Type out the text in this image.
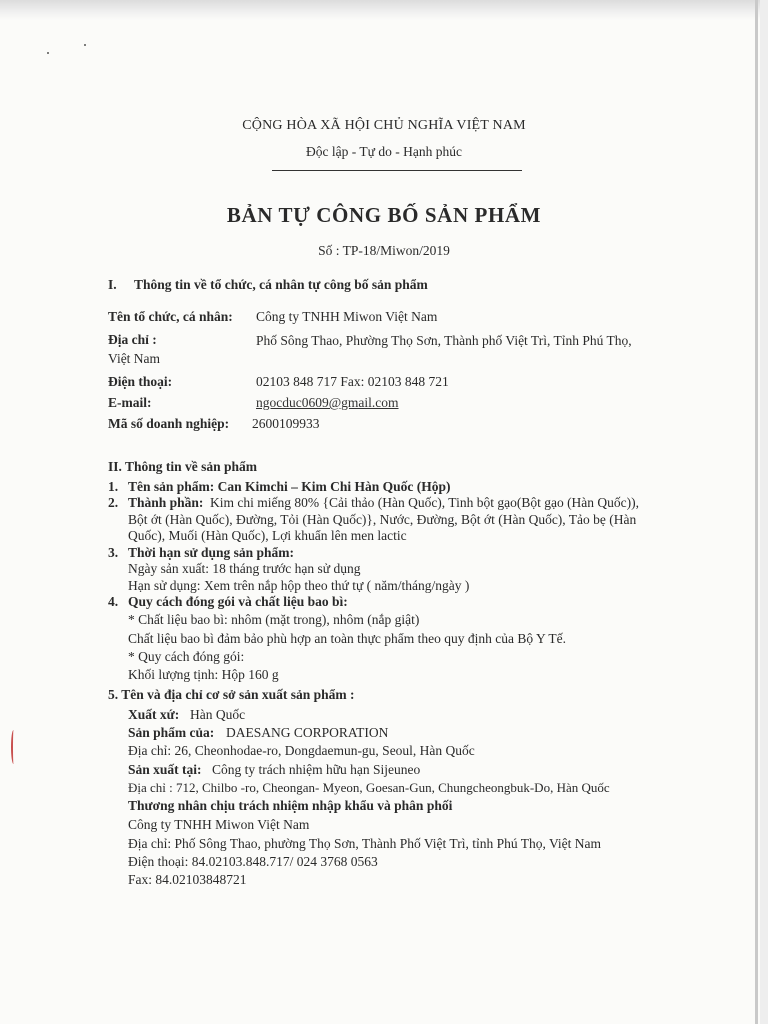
CỘNG HÒA XÃ HỘI CHỦ NGHĨA VIỆT NAM
Độc lập - Tự do - Hạnh phúc
BẢN TỰ CÔNG BỐ SẢN PHẨM
Số : TP-18/Miwon/2019
I. Thông tin về tổ chức, cá nhân tự công bố sản phẩm
Tên tổ chức, cá nhân: Công ty TNHH Miwon Việt Nam
Địa chỉ :	Phố Sông Thao, Phường Thọ Sơn, Thành phố Việt Trì, Tỉnh Phú Thọ,
Việt Nam
Điện thoại:	02103 848 717 Fax: 02103 848 721
E-mail:	ngocduc0609@gmail.com
Mã số doanh nghiệp: 2600109933
II. Thông tin về sản phẩm
1. Tên sản phẩm: Can Kimchi – Kim Chi Hàn Quốc (Hộp)
2. Thành phần: Kim chi miếng 80% {Cải thảo (Hàn Quốc), Tinh bột gạo(Bột gạo (Hàn Quốc)),
Bột ớt (Hàn Quốc), Đường, Tỏi (Hàn Quốc)}, Nước, Đường, Bột ớt (Hàn Quốc), Tảo bẹ (Hàn
Quốc), Muối (Hàn Quốc), Lợi khuẩn lên men lactic
3. Thời hạn sử dụng sản phẩm:
Ngày sản xuất: 18 tháng trước hạn sử dụng
Hạn sử dụng: Xem trên nắp hộp theo thứ tự ( năm/tháng/ngày )
4. Quy cách đóng gói và chất liệu bao bì:
* Chất liệu bao bì: nhôm (mặt trong), nhôm (nắp giật)
Chất liệu bao bì đảm bảo phù hợp an toàn thực phẩm theo quy định của Bộ Y Tế.
* Quy cách đóng gói:
Khối lượng tịnh: Hộp 160 g
5. Tên và địa chỉ cơ sở sản xuất sản phẩm :
Xuất xứ: Hàn Quốc
Sản phẩm của: DAESANG CORPORATION
Địa chỉ: 26, Cheonhodae-ro, Dongdaemun-gu, Seoul, Hàn Quốc
Sản xuất tại: Công ty trách nhiệm hữu hạn Sijeuneo
Địa chỉ : 712, Chilbo -ro, Cheongan- Myeon, Goesan-Gun, Chungcheongbuk-Do, Hàn Quốc
Thương nhân chịu trách nhiệm nhập khẩu và phân phối
Công ty TNHH Miwon Việt Nam
Địa chỉ: Phố Sông Thao, phường Thọ Sơn, Thành Phố Việt Trì, tỉnh Phú Thọ, Việt Nam
Điện thoại: 84.02103.848.717/ 024 3768 0563
Fax: 84.02103848721
